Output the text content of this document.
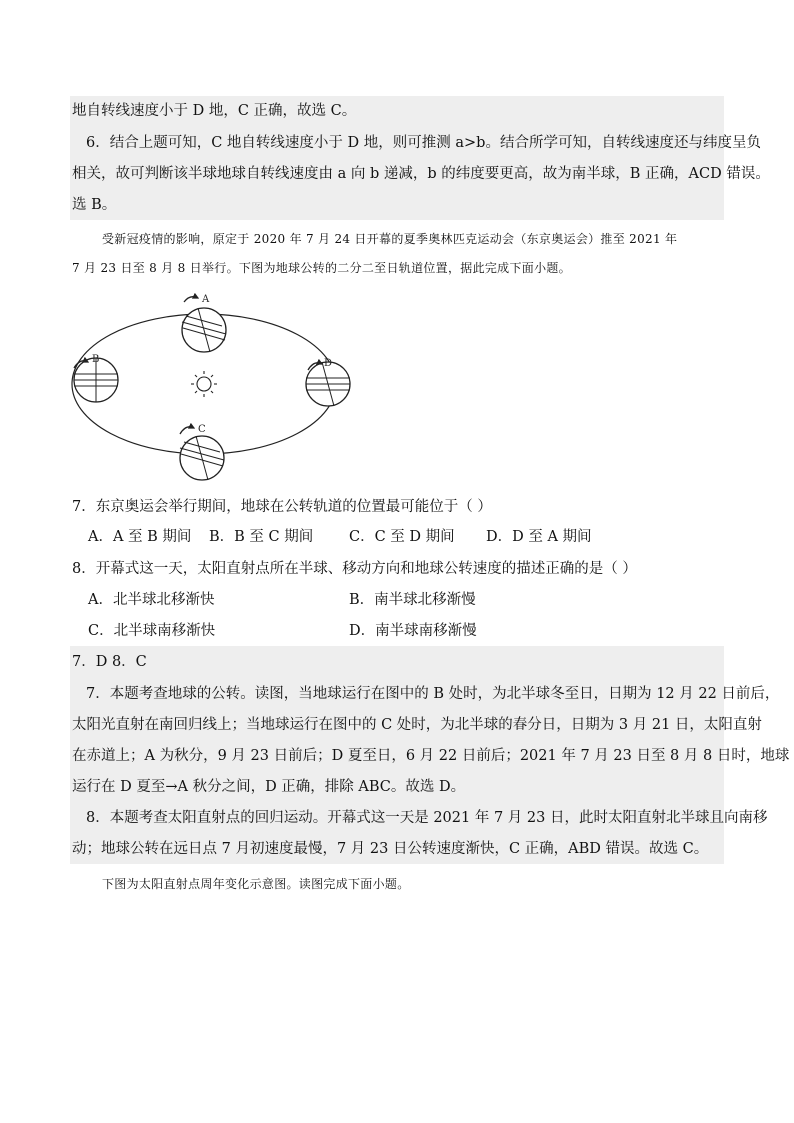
地自转线速度小于 D 地，C 正确，故选 C。
6．结合上题可知，C 地自转线速度小于 D 地，则可推测 a>b。结合所学可知，自转线速度还与纬度呈负
相关，故可判断该半球地球自转线速度由 a 向 b 递减，b 的纬度要更高，故为南半球，B 正确，ACD 错误。
选 B。
受新冠疫情的影响，原定于 2020 年 7 月 24 日开幕的夏季奥林匹克运动会（东京奥运会）推至 2021 年
7 月 23 日至 8 月 8 日举行。下图为地球公转的二分二至日轨道位置，据此完成下面小题。
A
B
C
D
7．东京奥运会举行期间，地球在公转轨道的位置最可能位于（ ）
A．A 至 B 期间 B．B 至 C 期间 C．C 至 D 期间 D．D 至 A 期间
8．开幕式这一天，太阳直射点所在半球、移动方向和地球公转速度的描述正确的是（ ）
A．北半球北移渐快	B．南半球北移渐慢
C．北半球南移渐快	D．南半球南移渐慢
7．D 8．C
7．本题考查地球的公转。读图，当地球运行在图中的 B 处时，为北半球冬至日，日期为 12 月 22 日前后，
太阳光直射在南回归线上；当地球运行在图中的 C 处时，为北半球的春分日，日期为 3 月 21 日，太阳直射
在赤道上；A 为秋分，9 月 23 日前后；D 夏至日，6 月 22 日前后；2021 年 7 月 23 日至 8 月 8 日时，地球
运行在 D 夏至→A 秋分之间，D 正确，排除 ABC。故选 D。
8．本题考查太阳直射点的回归运动。开幕式这一天是 2021 年 7 月 23 日，此时太阳直射北半球且向南移
动；地球公转在远日点 7 月初速度最慢，7 月 23 日公转速度渐快，C 正确，ABD 错误。故选 C。
下图为太阳直射点周年变化示意图。读图完成下面小题。
